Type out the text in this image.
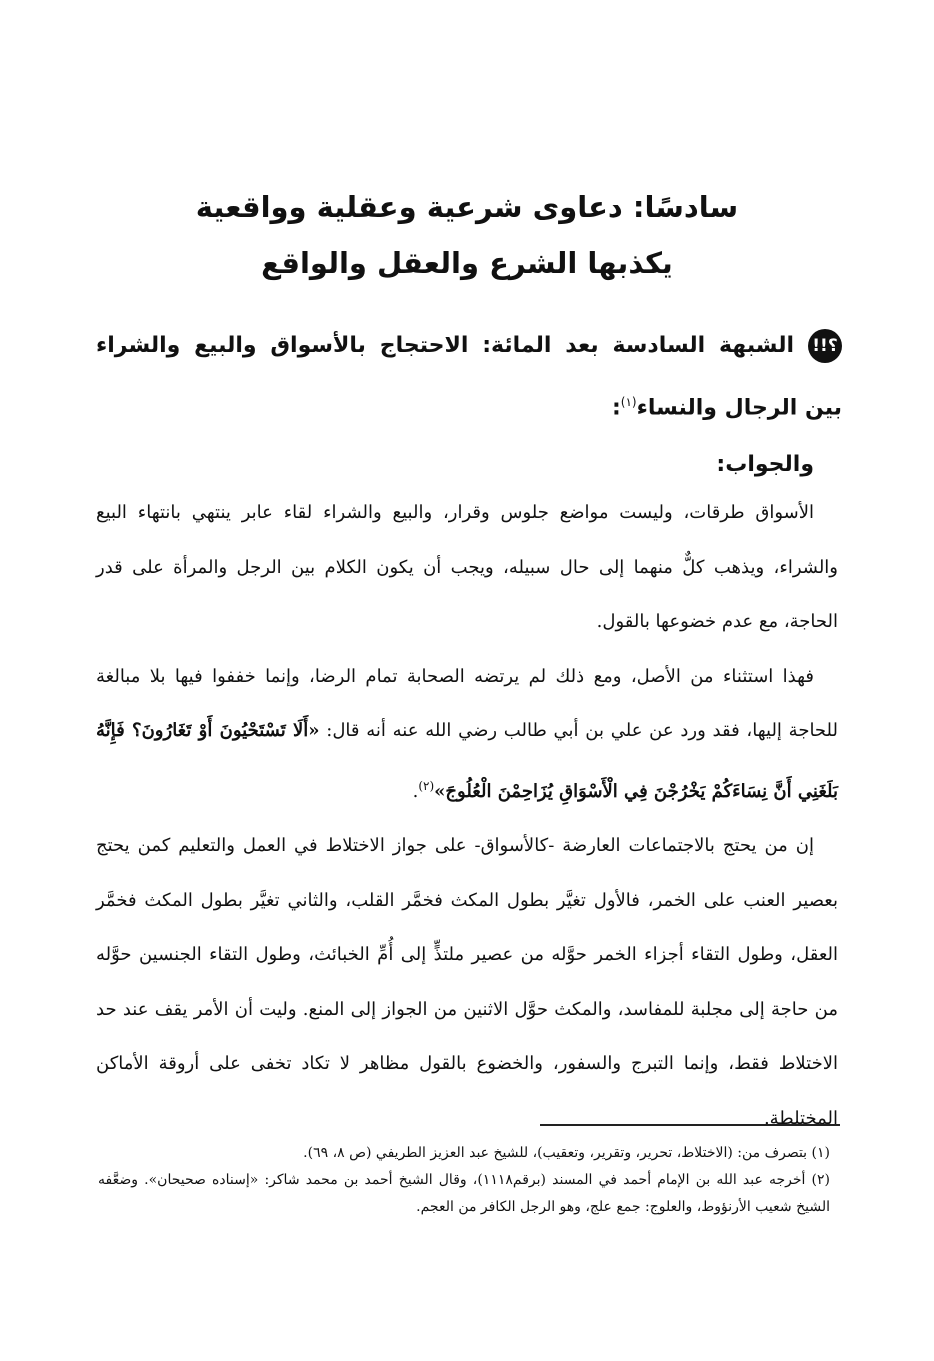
سادسًا: دعاوى شرعية وعقلية وواقعية
يكذبها الشرع والعقل والواقع
!!؟الشبهة السادسة بعد المائة: الاحتجاج بالأسواق والبيع والشراء بين الرجال والنساء$^{(١)}$:
والجواب:

الأسواق طرقات، وليست مواضع جلوس وقرار، والبيع والشراء لقاء عابر ينتهي بانتهاء البيع والشراء، ويذهب كلٌّ منهما إلى حال سبيله، ويجب أن يكون الكلام بين الرجل والمرأة على قدر الحاجة، مع عدم خضوعها بالقول.

فهذا استثناء من الأصل، ومع ذلك لم يرتضه الصحابة تمام الرضا، وإنما خففوا فيها بلا مبالغة للحاجة إليها، فقد ورد عن علي بن أبي طالب رضي الله عنه أنه قال: «أَلَا تَسْتَحْيُونَ أَوْ تَغَارُونَ؟ فَإِنَّهُ بَلَغَنِي أَنَّ نِسَاءَكُمْ يَخْرُجْنَ فِي الْأَسْوَاقِ يُزَاحِمْنَ الْعُلُوجَ»$^{(٢)}$.

إن من يحتج بالاجتماعات العارضة -كالأسواق- على جواز الاختلاط في العمل والتعليم كمن يحتج بعصير العنب على الخمر، فالأول تغيَّر بطول المكث فخمَّر القلب، والثاني تغيَّر بطول المكث فخمَّر العقل، وطول التقاء أجزاء الخمر حوَّله من عصير ملتذٍّ إلى أُمِّ الخبائث، وطول التقاء الجنسين حوَّله من حاجة إلى مجلبة للمفاسد، والمكث حوَّل الاثنين من الجواز إلى المنع. وليت أن الأمر يقف عند حد الاختلاط فقط، وإنما التبرج والسفور، والخضوع بالقول مظاهر لا تكاد تخفى على أروقة الأماكن المختلطة.

(١) بتصرف من: (الاختلاط، تحرير، وتقرير، وتعقيب)، للشيخ عبد العزيز الطريفي (ص ٨، ٦٩).

(٢) أخرجه عبد الله بن الإمام أحمد في المسند (برقم١١١٨)، وقال الشيخ أحمد بن محمد شاكر: «إسناده صحيحان». وضعَّفه الشيخ شعيب الأرنؤوط، والعلوج: جمع علج، وهو الرجل الكافر من العجم.
